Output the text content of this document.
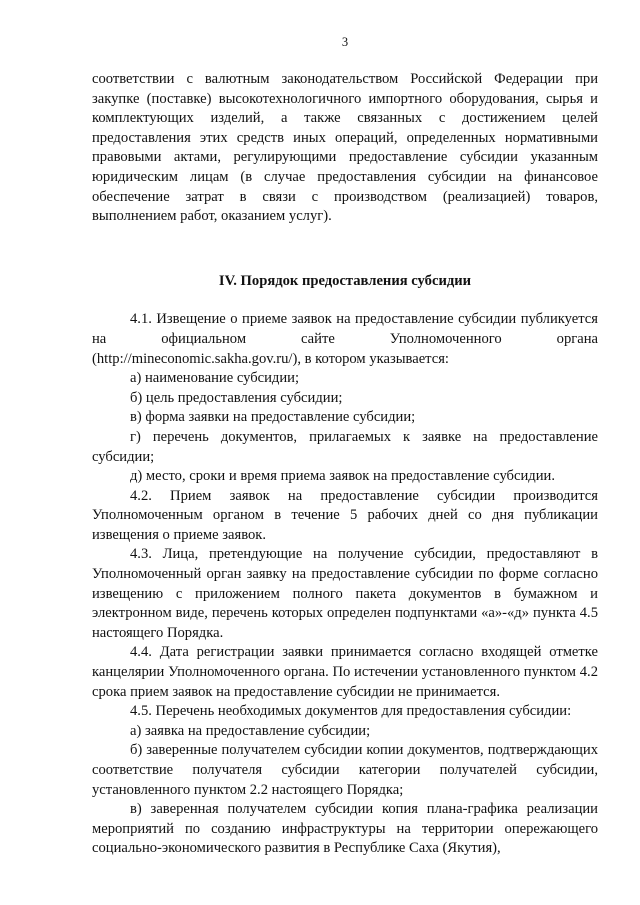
3

соответствии с валютным законодательством Российской Федерации при закупке (поставке) высокотехнологичного импортного оборудования, сырья и комплектующих изделий, а также связанных с достижением целей предоставления этих средств иных операций, определенных нормативными правовыми актами, регулирующими предоставление субсидии указанным юридическим лицам (в случае предоставления субсидии на финансовое обеспечение затрат в связи с производством (реализацией) товаров, выполнением работ, оказанием услуг).

IV. Порядок предоставления субсидии

4.1. Извещение о приеме заявок на предоставление субсидии публикуется на официальном сайте Уполномоченного органа (http://mineconomic.sakha.gov.ru/), в котором указывается:

а) наименование субсидии;

б) цель предоставления субсидии;

в) форма заявки на предоставление субсидии;

г) перечень документов, прилагаемых к заявке на предоставление субсидии;

д) место, сроки и время приема заявок на предоставление субсидии.

4.2. Прием заявок на предоставление субсидии производится Уполномоченным органом в течение 5 рабочих дней со дня публикации извещения о приеме заявок.

4.3. Лица, претендующие на получение субсидии, предоставляют в Уполномоченный орган заявку на предоставление субсидии по форме согласно извещению с приложением полного пакета документов в бумажном и электронном виде, перечень которых определен подпунктами «а»-«д» пункта 4.5 настоящего Порядка.

4.4. Дата регистрации заявки принимается согласно входящей отметке канцелярии Уполномоченного органа. По истечении установленного пунктом 4.2 срока прием заявок на предоставление субсидии не принимается.

4.5. Перечень необходимых документов для предоставления субсидии:

а) заявка на предоставление субсидии;

б) заверенные получателем субсидии копии документов, подтверждающих соответствие получателя субсидии категории получателей субсидии, установленного пунктом 2.2 настоящего Порядка;

в) заверенная получателем субсидии копия плана-графика реализации мероприятий по созданию инфраструктуры на территории опережающего социально-экономического развития в Республике Саха (Якутия),
